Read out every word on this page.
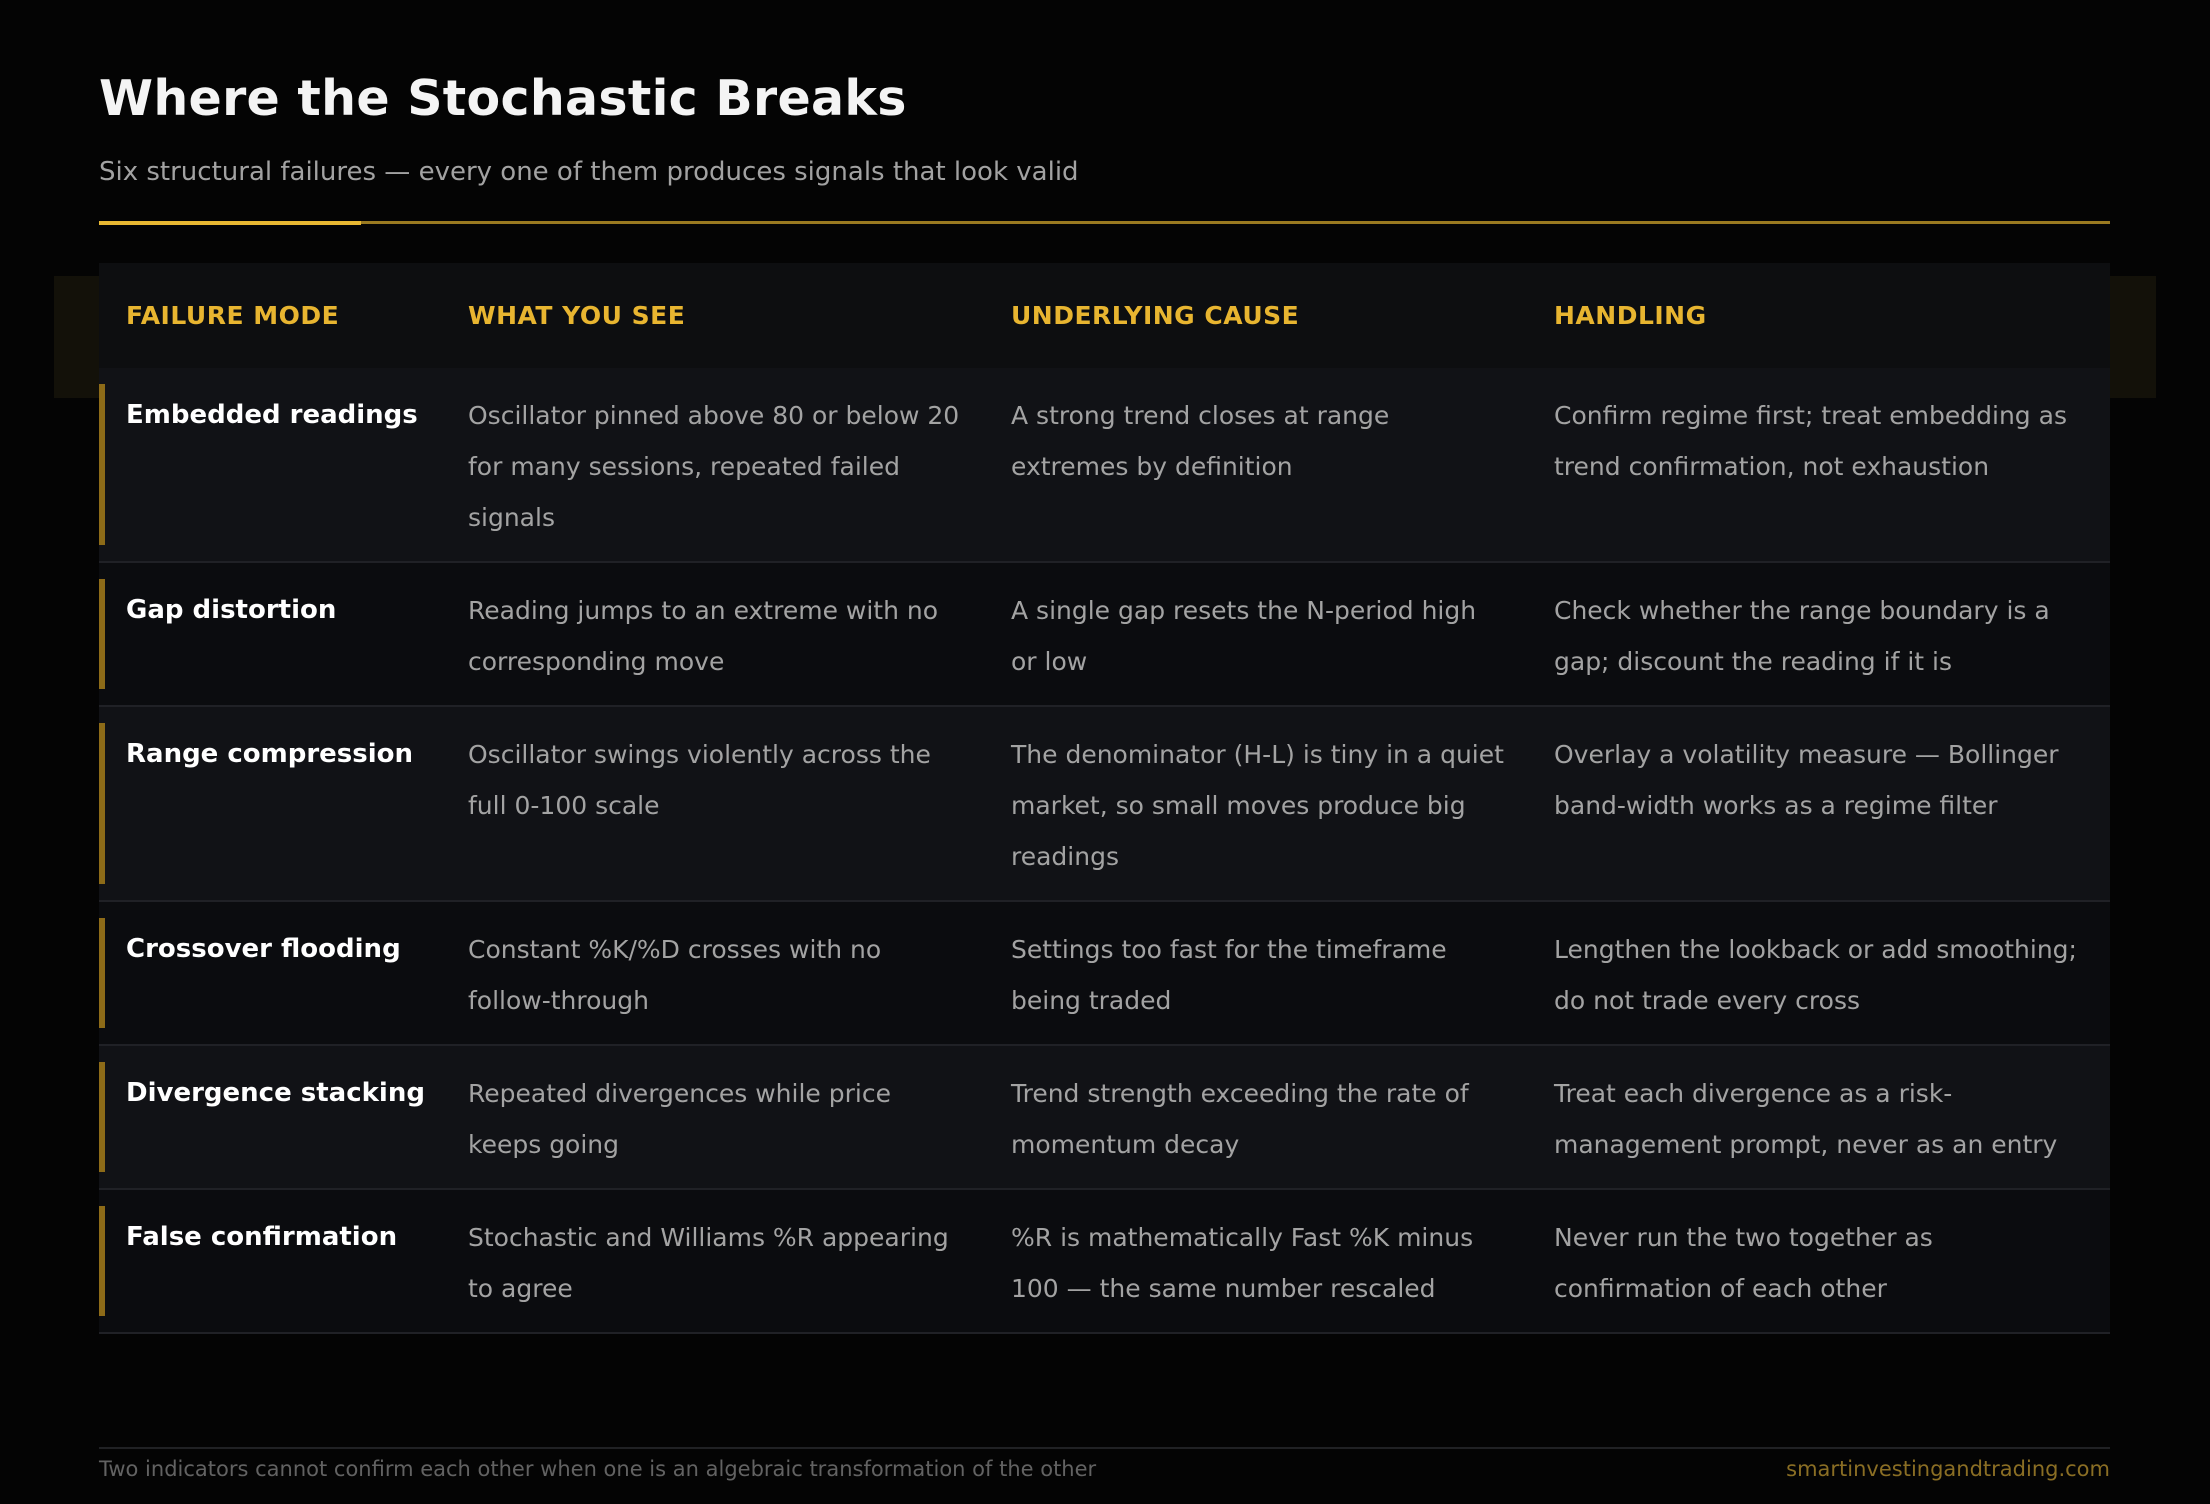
Where the Stochastic Breaks
Six structural failures — every one of them produces signals that look valid
FAILURE MODE	WHAT YOU SEE	UNDERLYING CAUSE	HANDLING

Embedded readings	Oscillator pinned above 80 or below 20 for many sessions, repeated failed signals	A strong trend closes at range extremes by definition	Confirm regime first; treat embedding as trend confirmation, not exhaustion

Gap distortion	Reading jumps to an extreme with no corresponding move	A single gap resets the N-period high or low	Check whether the range boundary is a gap; discount the reading if it is

Range compression	Oscillator swings violently across the full 0-100 scale	The denominator (H-L) is tiny in a quiet market, so small moves produce big readings	Overlay a volatility measure — Bollinger band-width works as a regime filter

Crossover flooding	Constant %K/%D crosses with no follow-through	Settings too fast for the timeframe being traded	Lengthen the lookback or add smoothing; do not trade every cross

Divergence stacking	Repeated divergences while price keeps going	Trend strength exceeding the rate of momentum decay	Treat each divergence as a risk-management prompt, never as an entry

False confirmation	Stochastic and Williams %R appearing to agree	%R is mathematically Fast %K minus 100 — the same number rescaled	Never run the two together as confirmation of each other
Two indicators cannot confirm each other when one is an algebraic transformation of the other	smartinvestingandtrading.com
